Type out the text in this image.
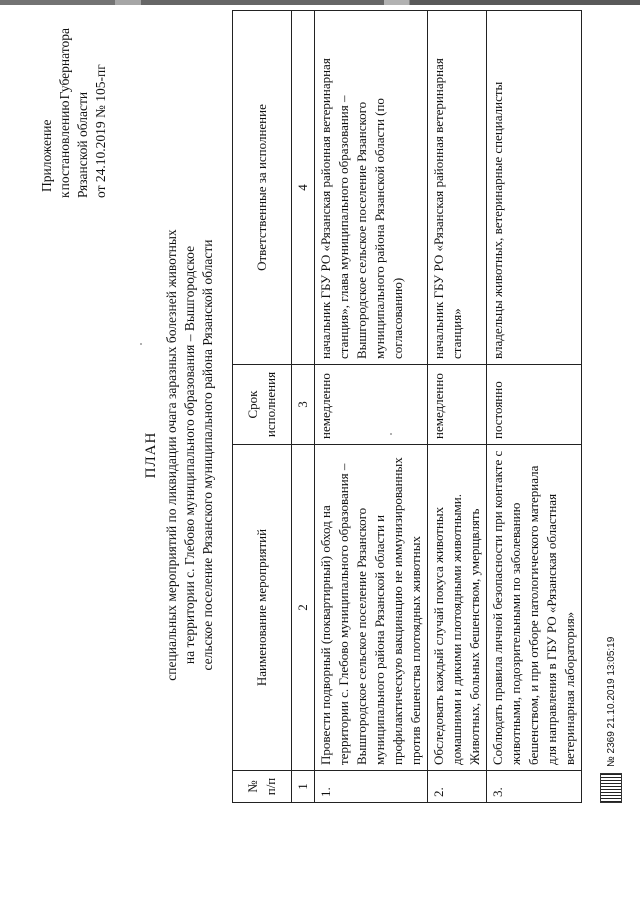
Приложение
к
постановлению
Губернатора
Рязанской области от 24.10.2019 № 105-пг
ПЛАН специальных мероприятий по ликвидации очага заразных болезней животных на территории с. Глебово муниципального образования – Вышгородское сельское поселение Рязанского муниципального района Рязанской области
№ п/п	Наименование мероприятий	Срок исполнения	Ответственные за исполнение
1	2	3	4
1.	Провести подворный (поквартирный) обход на территории с. Глебово муниципального образования – Вышгородское сельское поселение Рязанского муниципального района Рязанской области и профилактическую вакцинацию не иммунизированных против бешенства плотоядных животных	немедленно	начальник ГБУ РО «Рязанская районная ветеринарная станция», глава муниципального образования – Вышгородское сельское поселение Рязанского муниципального района Рязанской области (по согласованию)
2.	Обследовать каждый случай покуса животных домашними и дикими плотоядными животными. Животных, больных бешенством, умерщвлять	немедленно	начальник ГБУ РО «Рязанская районная ветеринарная станция»
3.	Соблюдать правила личной безопасности при контакте с животными, подозрительными по заболеванию бешенством, и при отборе патологического материала для направления в ГБУ РО «Рязанская областная ветеринарная лаборатория»	постоянно	владельцы животных, ветеринарные специалисты
№ 2369 21.10.2019 13:05:19
